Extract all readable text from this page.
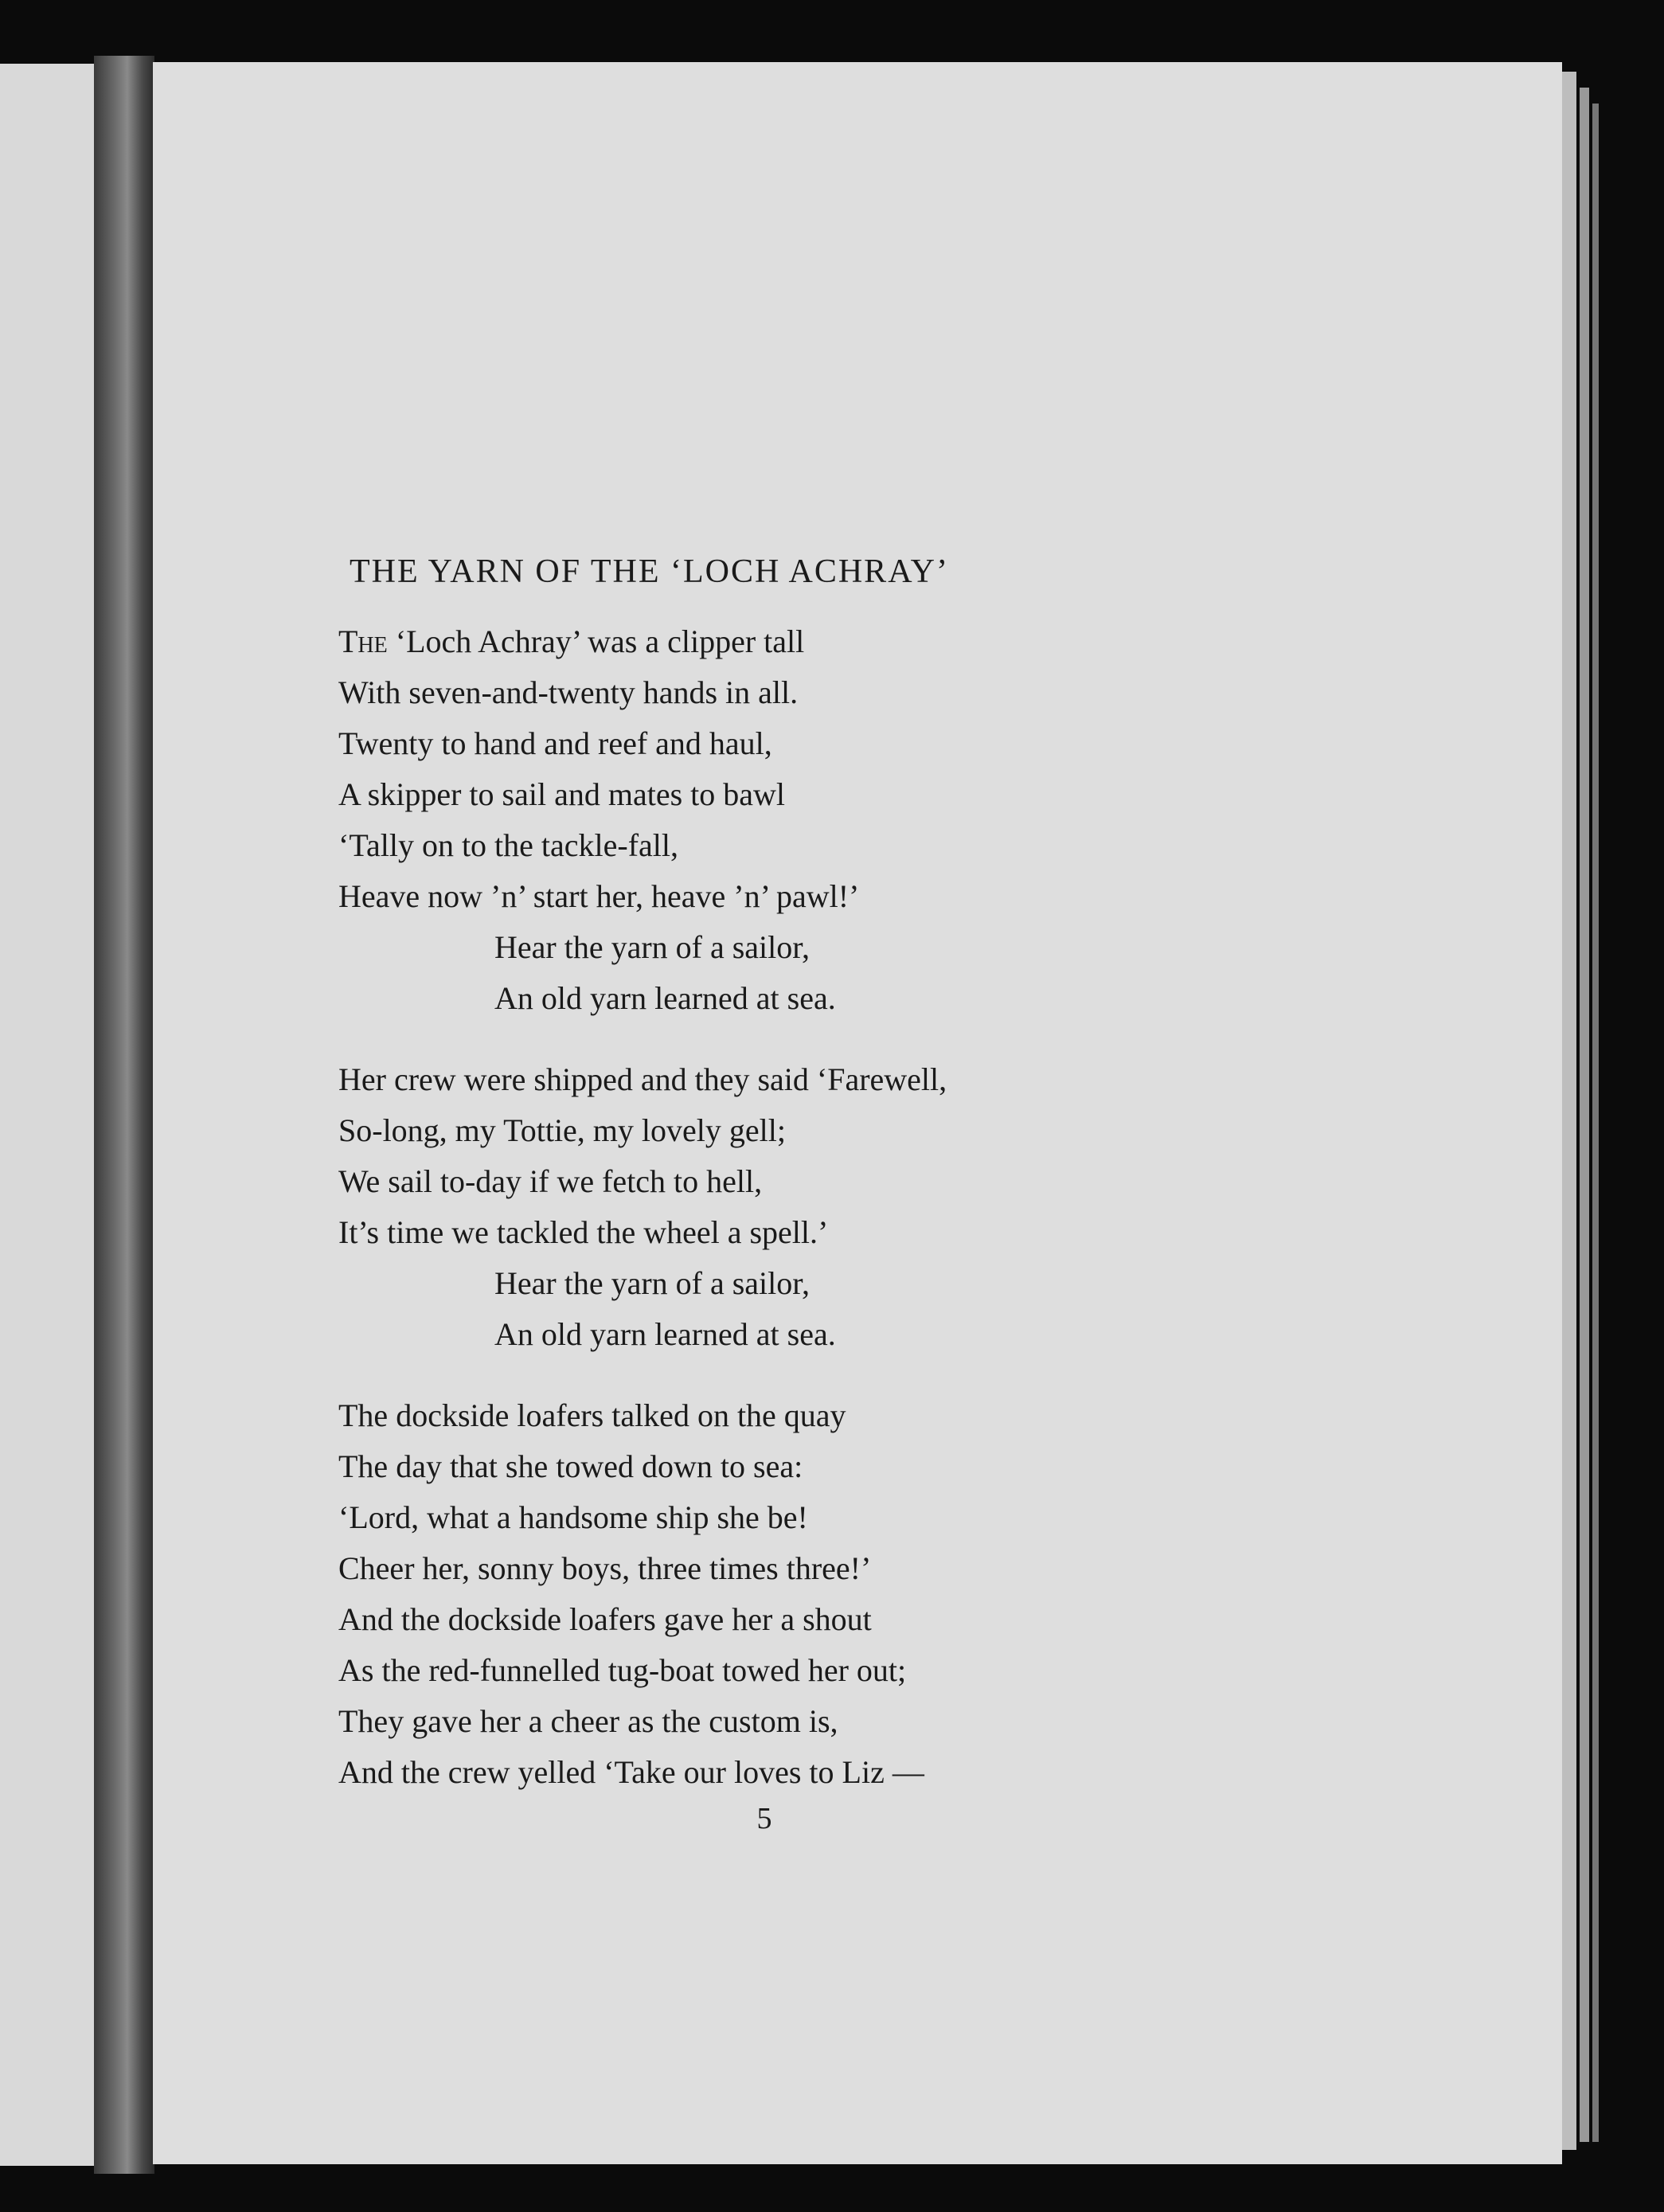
THE YARN OF THE ‘LOCH ACHRAY’
The ‘Loch Achray’ was a clipper tall
With seven-and-twenty hands in all.
Twenty to hand and reef and haul,
A skipper to sail and mates to bawl
‘Tally on to the tackle-fall,
Heave now ’n’ start her, heave ’n’ pawl!’
Hear the yarn of a sailor,
An old yarn learned at sea.
Her crew were shipped and they said ‘Farewell,
So-long, my Tottie, my lovely gell;
We sail to-day if we fetch to hell,
It’s time we tackled the wheel a spell.’
Hear the yarn of a sailor,
An old yarn learned at sea.
The dockside loafers talked on the quay
The day that she towed down to sea:
‘Lord, what a handsome ship she be!
Cheer her, sonny boys, three times three!’
And the dockside loafers gave her a shout
As the red-funnelled tug-boat towed her out;
They gave her a cheer as the custom is,
And the crew yelled ‘Take our loves to Liz —
5
